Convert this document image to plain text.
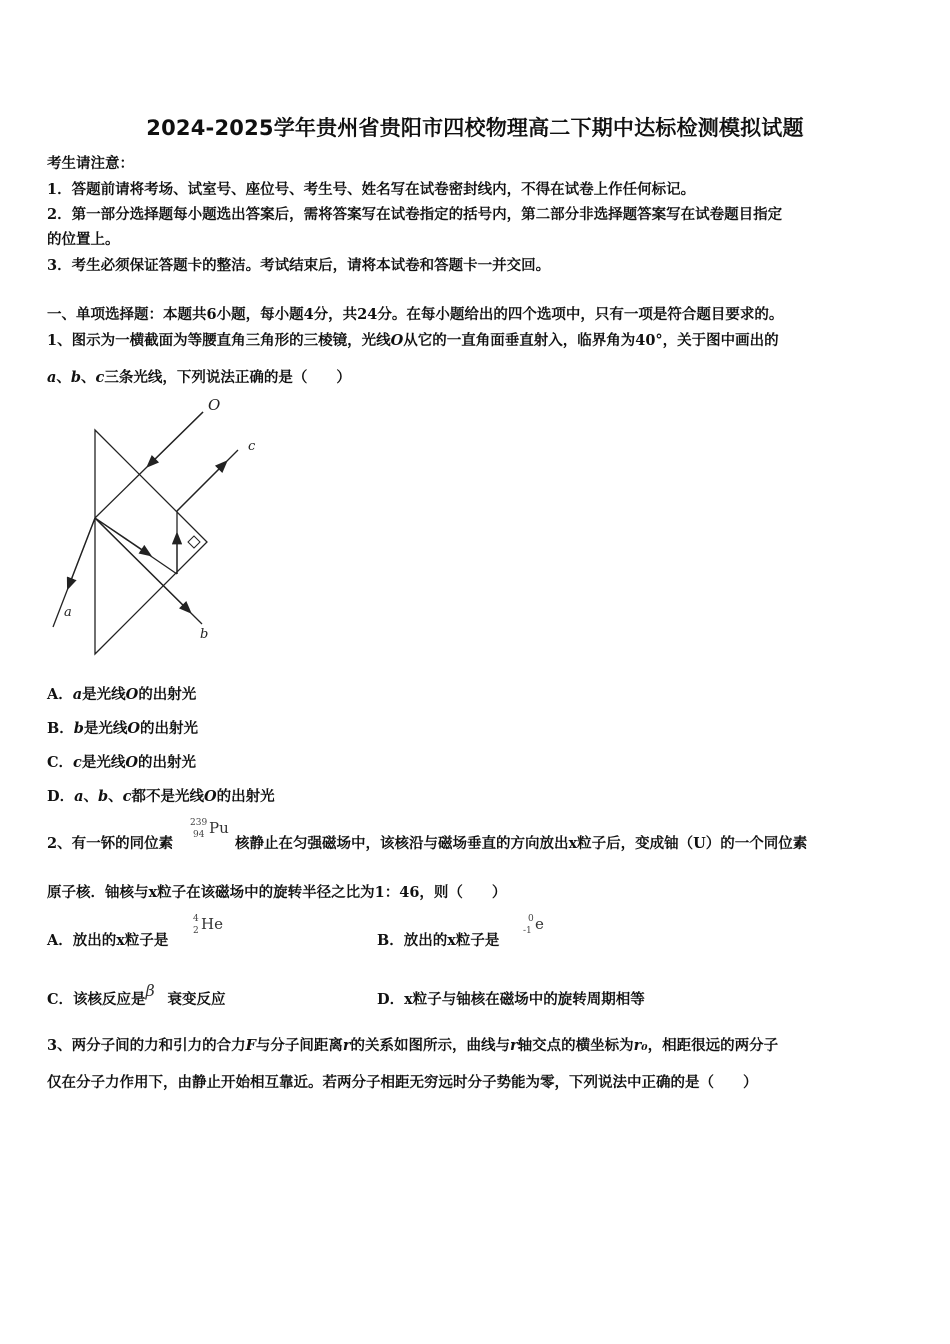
2024-2025学年贵州省贵阳市四校物理高二下期中达标检测模拟试题
考生请注意：
1．答题前请将考场、试室号、座位号、考生号、姓名写在试卷密封线内，不得在试卷上作任何标记。
2．第一部分选择题每小题选出答案后，需将答案写在试卷指定的括号内，第二部分非选择题答案写在试卷题目指定
的位置上。
3．考生必须保证答题卡的整洁。考试结束后，请将本试卷和答题卡一并交回。
一、单项选择题：本题共6小题，每小题4分，共24分。在每小题给出的四个选项中，只有一项是符合题目要求的。
1、图示为一横截面为等腰直角三角形的三棱镜，光线O从它的一直角面垂直射入，临界角为40°，关于图中画出的
a、b、c三条光线，下列说法正确的是（　　）
O
c
a
b
A．a是光线O的出射光
B．b是光线O的出射光
C．c是光线O的出射光
D．a、b、c都不是光线O的出射光
2、有一钚的同位素
239
94 Pu
核静止在匀强磁场中，该核沿与磁场垂直的方向放出x粒子后，变成铀（U）的一个同位素
原子核．铀核与x粒子在该磁场中的旋转半径之比为1：46，则（　　）
A．放出的x粒子是
4
2 He
B．放出的x粒子是
0
-1 e
C．该核反应是β 衰变反应	D．x粒子与铀核在磁场中的旋转周期相等
3、两分子间的力和引力的合力F与分子间距离r的关系如图所示，曲线与r轴交点的横坐标为r₀，相距很远的两分子
仅在分子力作用下，由静止开始相互靠近。若两分子相距无穷远时分子势能为零，下列说法中正确的是（　　）
